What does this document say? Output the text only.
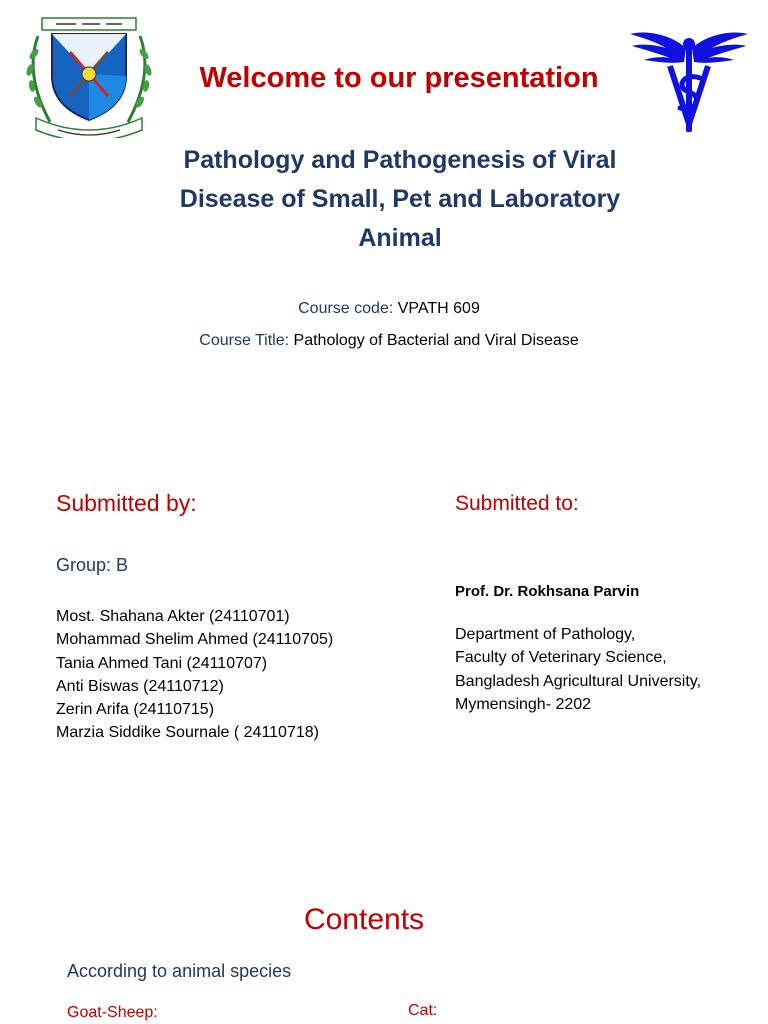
Welcome to our presentation
Pathology and Pathogenesis of Viral
Disease of Small, Pet and Laboratory
Animal
Course code: VPATH 609
Course Title: Pathology of Bacterial and Viral Disease
Submitted by:	Submitted to:
Group: B
Most. Shahana Akter (24110701)
Mohammad Shelim Ahmed (24110705)
Tania Ahmed Tani (24110707)
Anti Biswas (24110712)
Zerin Arifa (24110715)
Marzia Siddike Sournale ( 24110718)
Prof. Dr. Rokhsana Parvin
Department of Pathology,
Faculty of Veterinary Science,
Bangladesh Agricultural University,
Mymensingh- 2202
Contents
According to animal species
Goat-Sheep:	Cat:
